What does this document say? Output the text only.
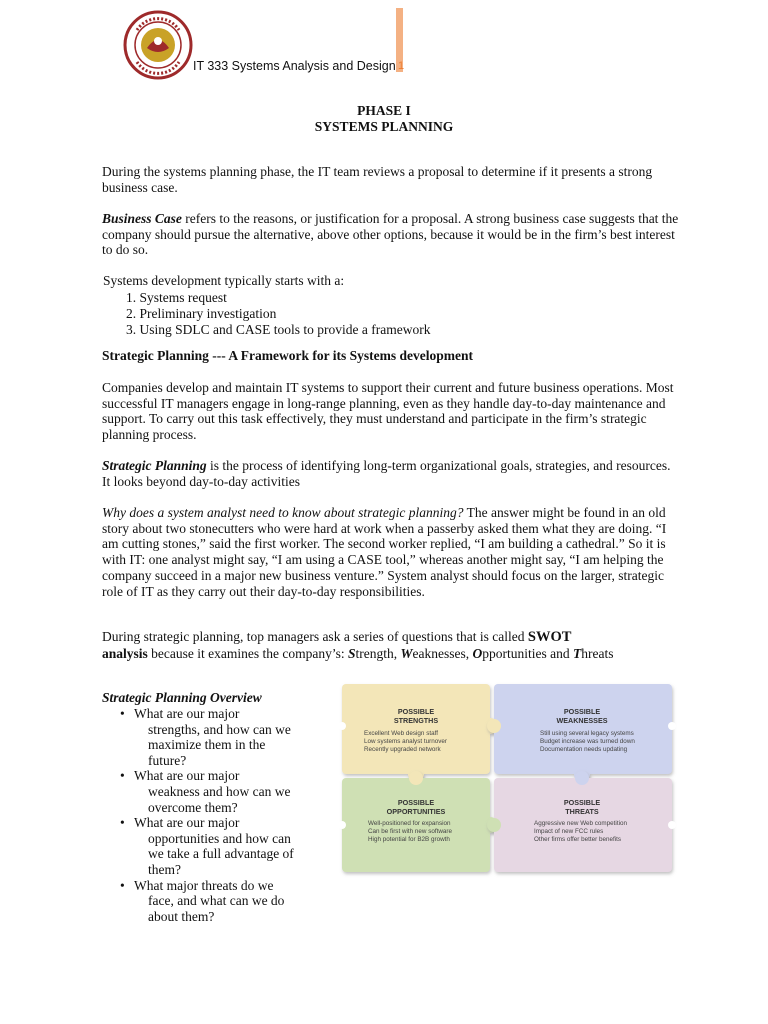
IT 333 Systems Analysis and Design 1
PHASE I
SYSTEMS PLANNING

During the systems planning phase, the IT team reviews a proposal to determine if it presents a strong business case.

Business Case refers to the reasons, or justification for a proposal. A strong business case suggests that the company should pursue the alternative, above other options, because it would be in the firm’s best interest to do so.

Systems development typically starts with a:

1. Systems request
2. Preliminary investigation
3. Using SDLC and CASE tools to provide a framework
Strategic Planning --- A Framework for its Systems development

Companies develop and maintain IT systems to support their current and future business operations. Most successful IT managers engage in long-range planning, even as they handle day-to-day maintenance and support. To carry out this task effectively, they must understand and participate in the firm’s strategic planning process.

Strategic Planning is the process of identifying long-term organizational goals, strategies, and resources. It looks beyond day-to-day activities

Why does a system analyst need to know about strategic planning? The answer might be found in an old story about two stonecutters who were hard at work when a passerby asked them what they are doing. “I am cutting stones,” said the first worker. The second worker replied, “I am building a cathedral.” So it is with IT: one analyst might say, “I am using a CASE tool,” whereas another might say, “I am helping the company succeed in a major new business venture.” System analyst should focus on the larger, strategic role of IT as they carry out their day-to-day responsibilities.

During strategic planning, top managers ask a series of questions that is called SWOT
analysis because it examines the company’s: Strength, Weaknesses, Opportunities and Threats

Strategic Planning Overview
• What are our major
strengths, and how can we
maximize them in the
future?
• What are our major
weakness and how can we
overcome them?
• What are our major
opportunities and how can
we take a full advantage of
them?
• What major threats do we
face, and what can we do
about them?
POSSIBLE
STRENGTHS
POSSIBLE
WEAKNESSES
POSSIBLE
OPPORTUNITIES
POSSIBLE
THREATS
Excellent Web design staff
Low systems analyst turnover
Recently upgraded network
Still using several legacy systems
Budget increase was turned down
Documentation needs updating
Well-positioned for expansion
Can be first with new software
High potential for B2B growth
Aggressive new Web competition
Impact of new FCC rules
Other firms offer better benefits
